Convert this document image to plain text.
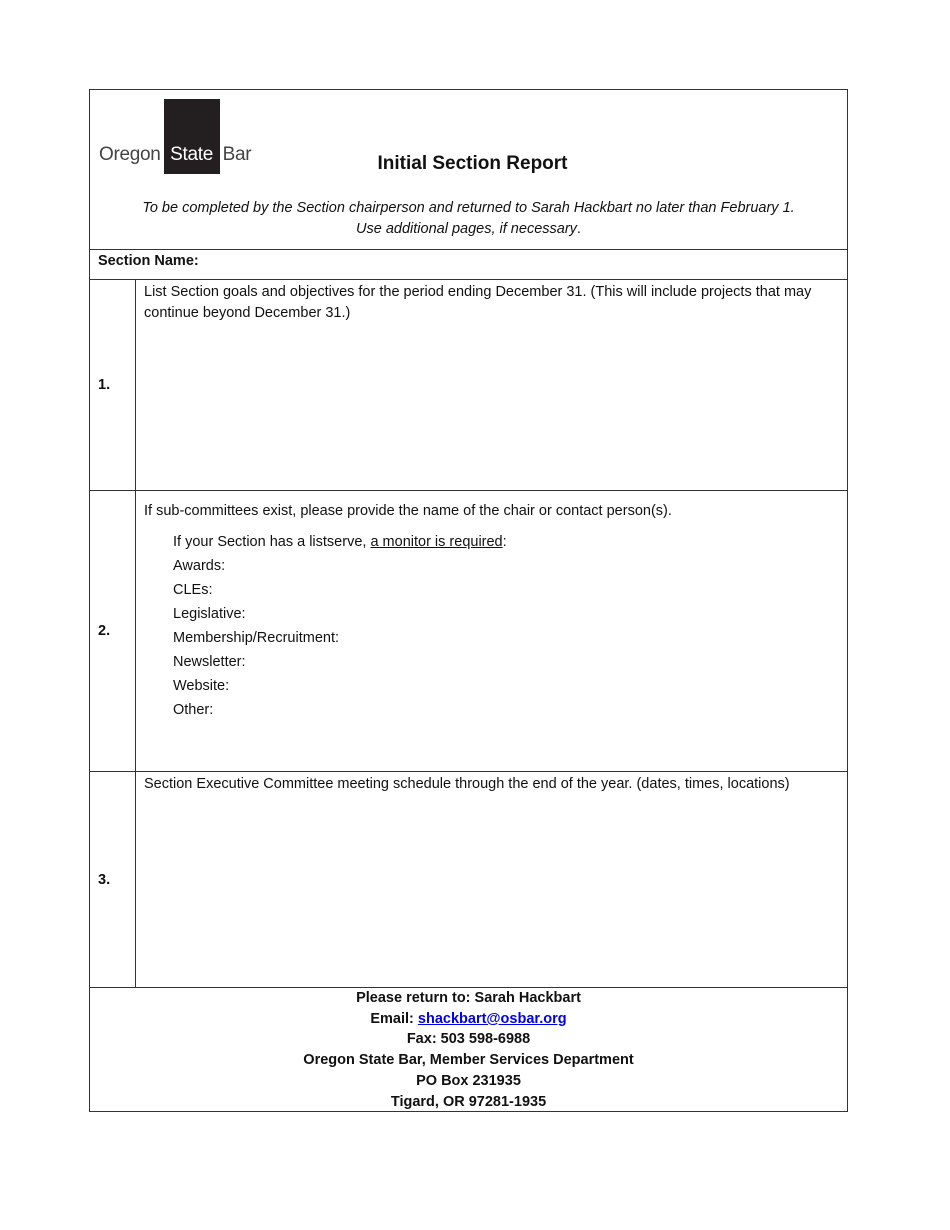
Oregon State Bar	Initial Section Report
To be completed by the Section chairperson and returned to Sarah Hackbart no later than February 1.
Use additional pages, if necessary.
Section Name:
1.
List Section goals and objectives for the period ending December 31. (This will include projects that may continue beyond December 31.)
2.
If sub-committees exist, please provide the name of the chair or contact person(s).
If your Section has a listserve, a monitor is required:
Awards:
CLEs:
Legislative:
Membership/Recruitment:
Newsletter:
Website:
Other:
3.
Section Executive Committee meeting schedule through the end of the year. (dates, times, locations)
Please return to: Sarah Hackbart
Email: shackbart@osbar.org
Fax: 503 598-6988
Oregon State Bar, Member Services Department
PO Box 231935
Tigard, OR 97281-1935
